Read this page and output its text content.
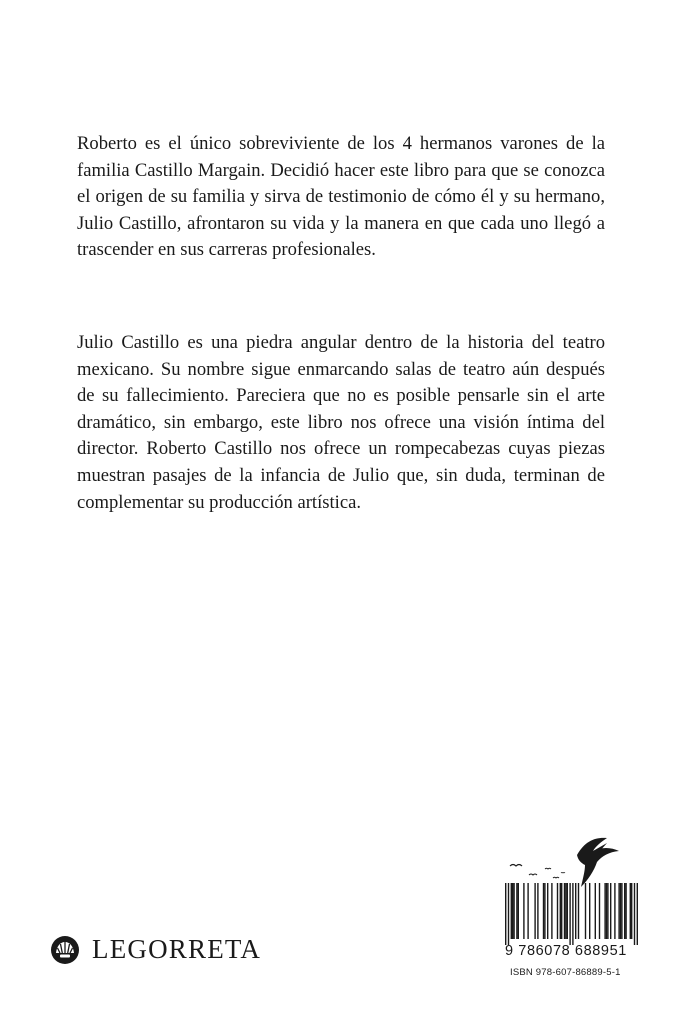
Roberto es el único sobreviviente de los 4 hermanos varones de la familia Castillo Margain. Decidió hacer este libro para que se conozca el origen de su familia y sirva de testimonio de cómo él y su hermano, Julio Castillo, afrontaron su vida y la manera en que cada uno llegó a trascender en sus carreras profesionales.

Julio Castillo es una piedra angular dentro de la historia del teatro mexicano. Su nombre sigue enmarcando salas de teatro aún después de su fallecimiento. Pareciera que no es posible pensarle sin el arte dramático, sin embargo, este libro nos ofrece una visión íntima del director. Roberto Castillo nos ofrece un rompecabezas cuyas piezas muestran pasajes de la infancia de Julio que, sin duda, terminan de complementar su producción artística.

LEGORRETA	9 786078 688951
ISBN 978-607-86889-5-1
